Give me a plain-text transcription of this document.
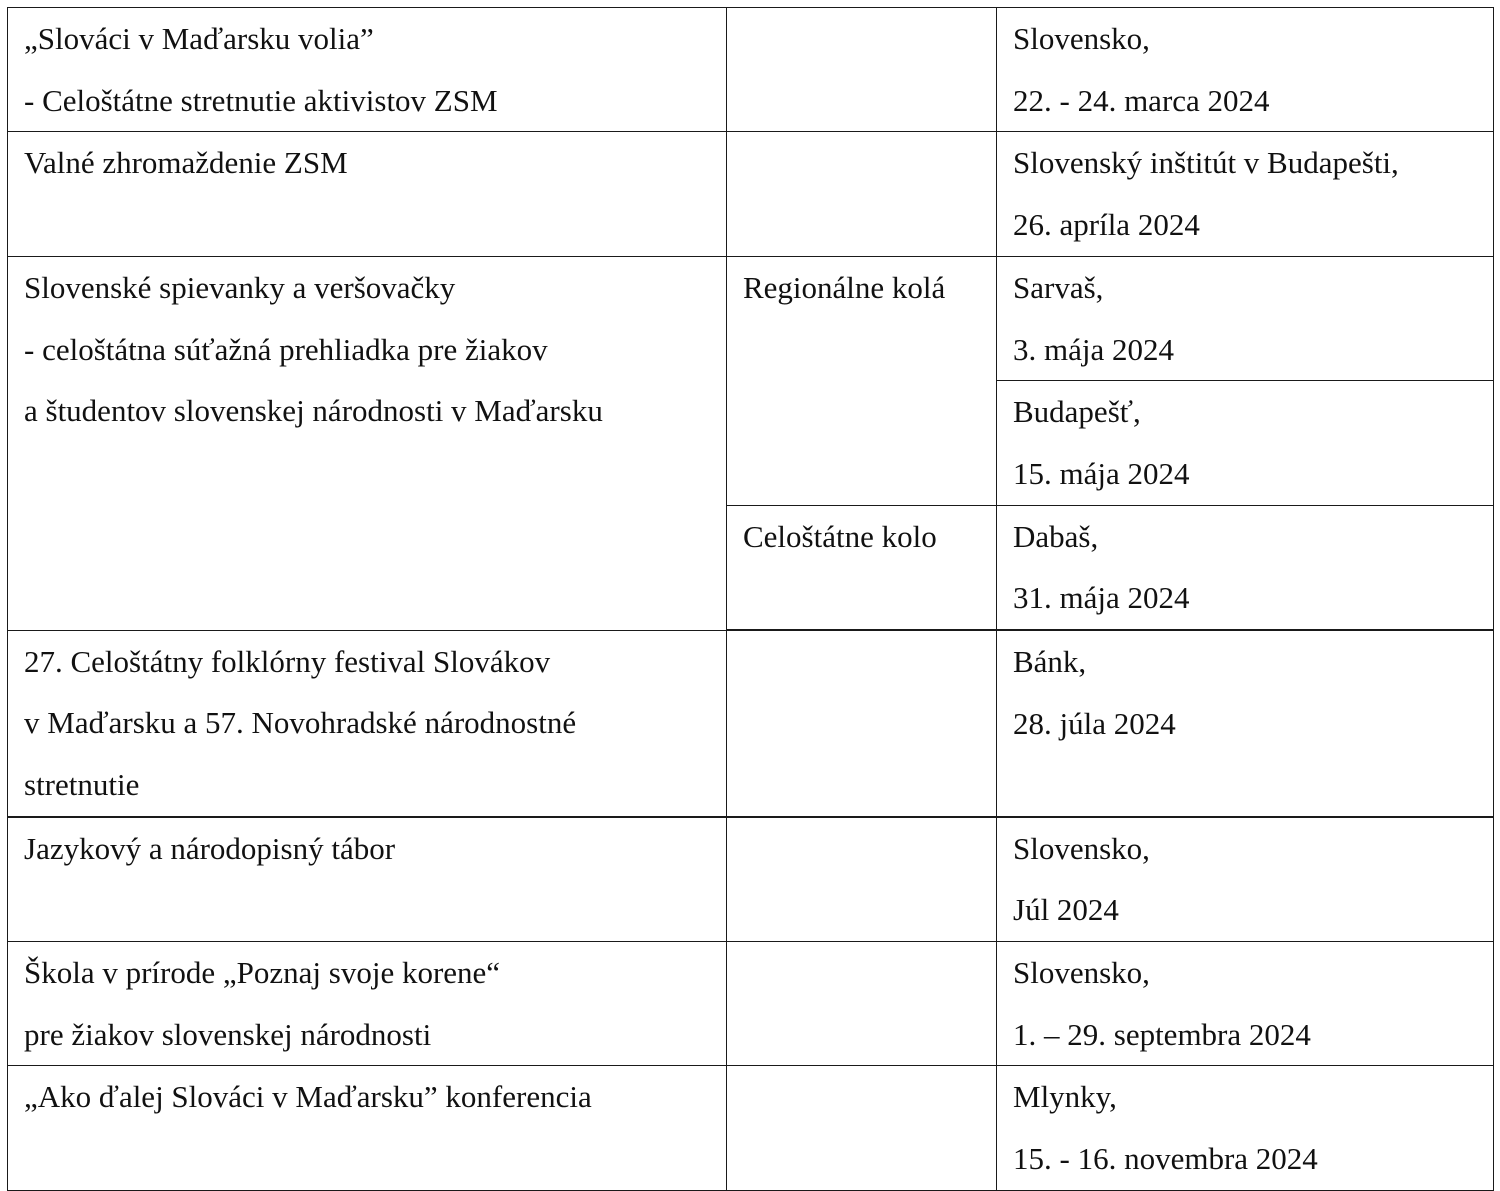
„Slováci v Maďarsku volia”
- Celoštátne stretnutie aktivistov ZSM		Slovensko,
22. - 24. marca 2024

Valné zhromaždenie ZSM		Slovenský inštitút v Budapešti,
26. apríla 2024

Slovenské spievanky a veršovačky
- celoštátna súťažná prehliadka pre žiakov
a študentov slovenskej národnosti v Maďarsku	Regionálne kolá	Sarvaš,
3. mája 2024

		Budapešť,
15. mája 2024

	Celoštátne kolo	Dabaš,
31. mája 2024

27. Celoštátny folklórny festival Slovákov
v Maďarsku a 57. Novohradské národnostné
stretnutie		Bánk,
28. júla 2024

Jazykový a národopisný tábor		Slovensko,
Júl 2024

Škola v prírode „Poznaj svoje korene“
pre žiakov slovenskej národnosti		Slovensko,
1. – 29. septembra 2024

„Ako ďalej Slováci v Maďarsku” konferencia		Mlynky,
15. - 16. novembra 2024
